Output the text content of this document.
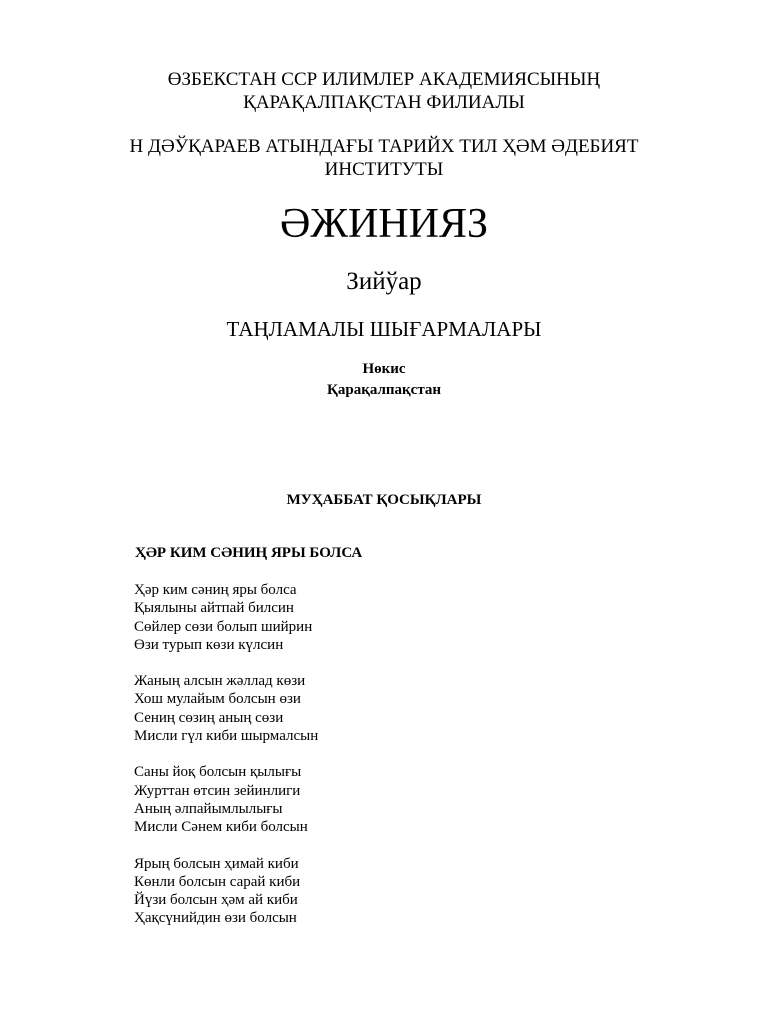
ӨЗБЕКСТАН ССР ИЛИМЛЕР АКАДЕМИЯСЫНЫҢ
ҚАРАҚАЛПАҚСТАН ФИЛИАЛЫ
Н ДӘЎҚАРАЕВ АТЫНДАҒЫ ТАРИЙХ ТИЛ ҲӘМ ӘДЕБИЯТ
ИНСТИТУТЫ
ӘЖИНИЯЗ
Зийўар
ТАҢЛАМАЛЫ ШЫҒАРМАЛАРЫ
Нөкис
Қарақалпақстан
МУҲАББАТ ҚОСЫҚЛАРЫ
ҲӘР КИМ СӘНИҢ ЯРЫ БОЛСА
Ҳәр ким сәниң яры болса
Қыялыны айтпай билсин
Сөйлер сөзи болып шийрин
Өзи турып көзи күлсин
Жаның алсын жәллад көзи
Хош мулайым болсын өзи
Сениң сөзиң аның сөзи
Мисли гүл киби шырмалсын
Саны йоқ болсын қылығы
Журттан өтсин зейинлиги
Аның әлпайымлылығы
Мисли Сәнем киби болсын
Ярың болсын ҳимай киби
Көнли болсын сарай киби
Йүзи болсын ҳәм ай киби
Ҳақсүнийдин өзи болсын
